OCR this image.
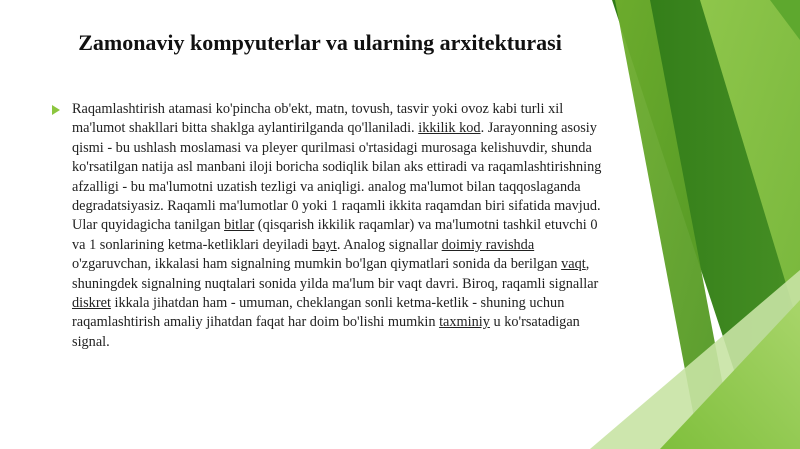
Zamonaviy kompyuterlar va ularning arxitekturasi

Raqamlashtirish atamasi ko'pincha ob'ekt, matn, tovush, tasvir yoki ovoz kabi turli xil ma'lumot shakllari bitta shaklga aylantirilganda qo'llaniladi. ikkilik kod. Jarayonning asosiy qismi - bu ushlash moslamasi va pleyer qurilmasi o'rtasidagi murosaga kelishuvdir, shunda ko'rsatilgan natija asl manbani iloji boricha sodiqlik bilan aks ettiradi va raqamlashtirishning afzalligi - bu ma'lumotni uzatish tezligi va aniqligi. analog ma'lumot bilan taqqoslaganda degradatsiyasiz. Raqamli ma'lumotlar 0 yoki 1 raqamli ikkita raqamdan biri sifatida mavjud. Ular quyidagicha tanilgan bitlar (qisqarish ikkilik raqamlar) va ma'lumotni tashkil etuvchi 0 va 1 sonlarining ketma-ketliklari deyiladi bayt. Analog signallar doimiy ravishda o'zgaruvchan, ikkalasi ham signalning mumkin bo'lgan qiymatlari sonida da berilgan vaqt, shuningdek signalning nuqtalari sonida yilda ma'lum bir vaqt davri. Biroq, raqamli signallar diskret ikkala jihatdan ham - umuman, cheklangan sonli ketma-ketlik - shuning uchun raqamlashtirish amaliy jihatdan faqat har doim bo'lishi mumkin taxminiy u ko'rsatadigan signal.
